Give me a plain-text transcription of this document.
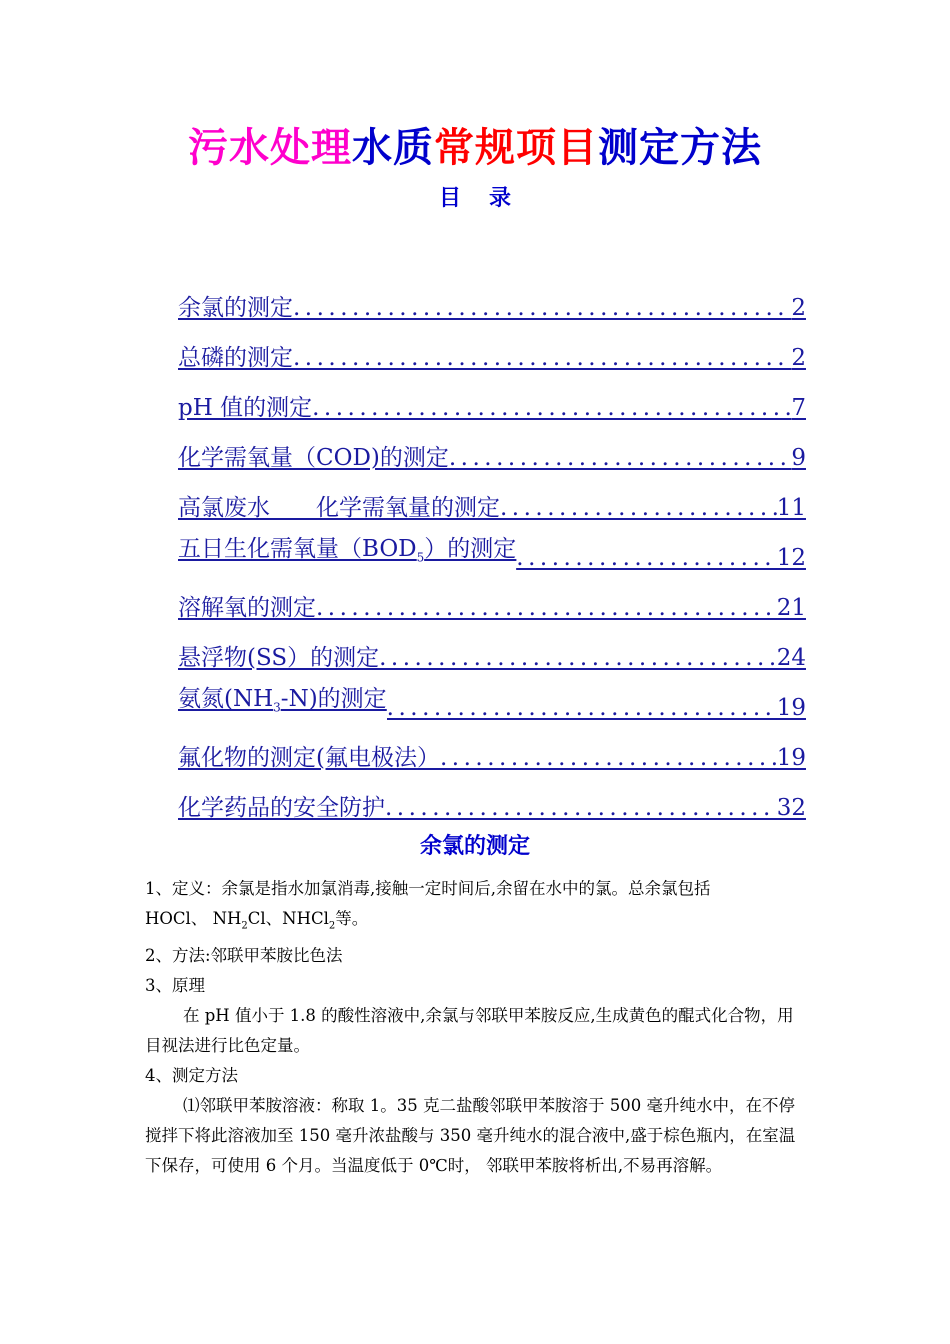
污水处理水质常规项目测定方法
目 录
余氯的测定 .....	2
总磷的测定 .....	2
pH 值的测定 .....	7
化学需氧量（COD)的测定 .....	9
高氯废水　　化学需氧量的测定 .....	11
五日生化需氧量$(BOD_5)$的测定 .....	12
溶解氧的测定 .....	21
悬浮物(SS）的测定 .....	24
氨氮$(NH_3-N)$的测定 .....	19
氟化物的测定(氟电极法） .....	19
化学药品的安全防护 .....	32
余氯的测定

1、定义：余氯是指水加氯消毒,接触一定时间后,余留在水中的氯。总余氯包括
HOCl、 $NH_2Cl$、NHCl$_2$等。

2、方法:邻联甲苯胺比色法

3、原理

在 pH 值小于 1.8 的酸性溶液中,余氯与邻联甲苯胺反应,生成黄色的醌式化合物，用目视法进行比色定量。

4、测定方法

⑴邻联甲苯胺溶液：称取 1。35 克二盐酸邻联甲苯胺溶于 500 毫升纯水中，在不停搅拌下将此溶液加至 150 毫升浓盐酸与 350 毫升纯水的混合液中,盛于棕色瓶内，在室温下保存，可使用 6 个月。当温度低于 0℃时， 邻联甲苯胺将析出,不易再溶解。
